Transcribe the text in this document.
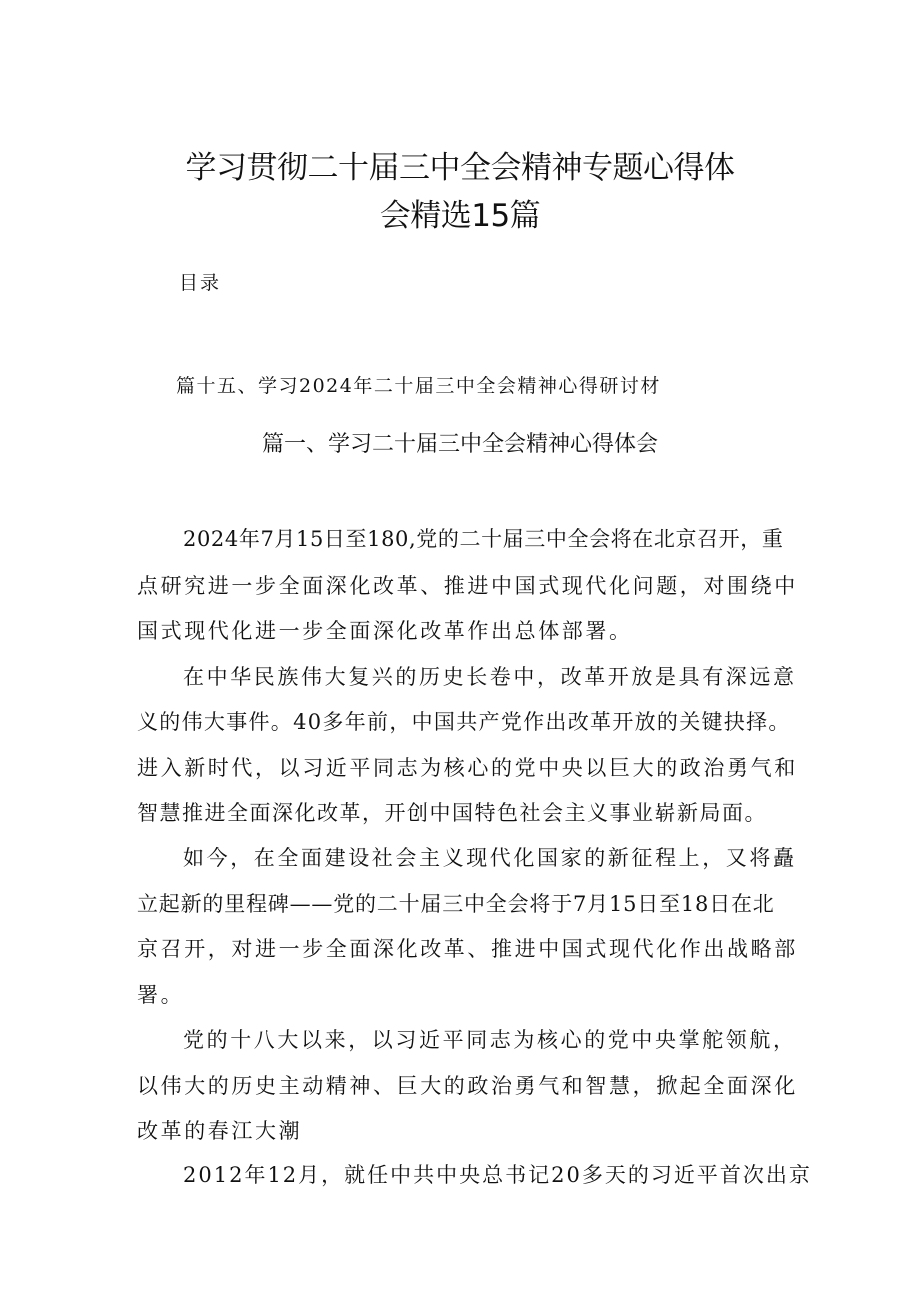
学习贯彻二十届三中全会精神专题心得体
会精选15篇
目录
篇十五、学习2024年二十届三中全会精神心得研讨材
篇一、学习二十届三中全会精神心得体会
2024年7月15日至180,党的二十届三中全会将在北京召开，重
点研究进一步全面深化改革、推进中国式现代化问题，对围绕中
国式现代化进一步全面深化改革作出总体部署。
在中华民族伟大复兴的历史长卷中，改革开放是具有深远意
义的伟大事件。40多年前，中国共产党作出改革开放的关键抉择。
进入新时代，以习近平同志为核心的党中央以巨大的政治勇气和
智慧推进全面深化改革，开创中国特色社会主义事业崭新局面。
如今，在全面建设社会主义现代化国家的新征程上，又将矗
立起新的里程碑——党的二十届三中全会将于7月15日至18日在北
京召开，对进一步全面深化改革、推进中国式现代化作出战略部
署。
党的十八大以来，以习近平同志为核心的党中央掌舵领航，
以伟大的历史主动精神、巨大的政治勇气和智慧，掀起全面深化
改革的春江大潮
2012年12月，就任中共中央总书记20多天的习近平首次出京
